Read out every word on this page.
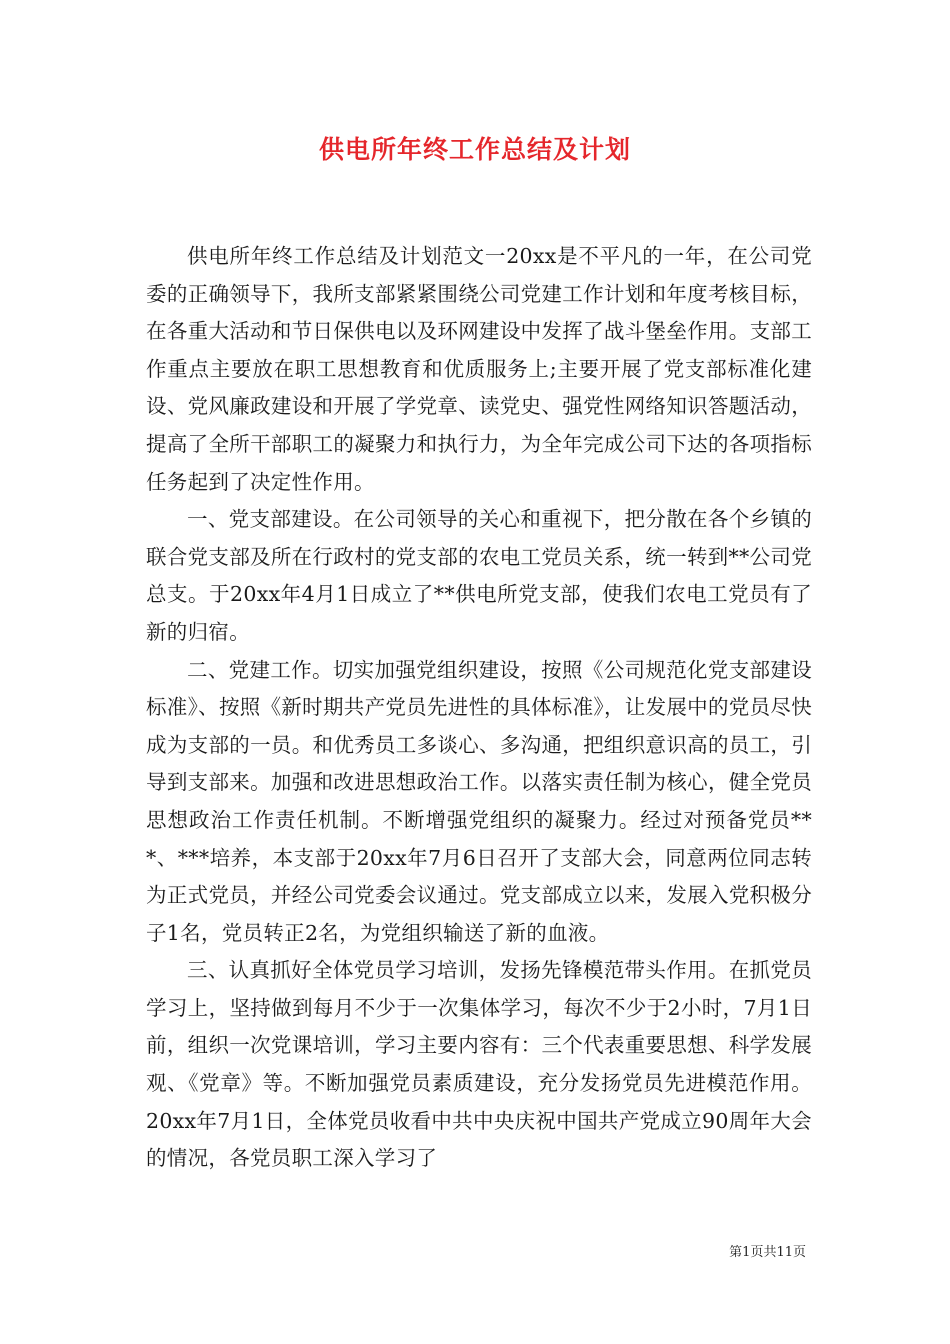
供电所年终工作总结及计划

供电所年终工作总结及计划范文一20xx是不平凡的一年，在公司党委的正确领导下，我所支部紧紧围绕公司党建工作计划和年度考核目标，在各重大活动和节日保供电以及环网建设中发挥了战斗堡垒作用。支部工作重点主要放在职工思想教育和优质服务上;主要开展了党支部标准化建设、党风廉政建设和开展了学党章、读党史、强党性网络知识答题活动，提高了全所干部职工的凝聚力和执行力，为全年完成公司下达的各项指标任务起到了决定性作用。

一、党支部建设。在公司领导的关心和重视下，把分散在各个乡镇的联合党支部及所在行政村的党支部的农电工党员关系，统一转到**公司党总支。于20xx年4月1日成立了**供电所党支部，使我们农电工党员有了新的归宿。

二、党建工作。切实加强党组织建设，按照《公司规范化党支部建设标准》、按照《新时期共产党员先进性的具体标准》，让发展中的党员尽快成为支部的一员。和优秀员工多谈心、多沟通，把组织意识高的员工，引导到支部来。加强和改进思想政治工作。以落实责任制为核心，健全党员思想政治工作责任机制。不断增强党组织的凝聚力。经过对预备党员***、***培养，本支部于20xx年7月6日召开了支部大会，同意两位同志转为正式党员，并经公司党委会议通过。党支部成立以来，发展入党积极分子1名，党员转正2名，为党组织输送了新的血液。

三、认真抓好全体党员学习培训，发扬先锋模范带头作用。在抓党员学习上，坚持做到每月不少于一次集体学习，每次不少于2小时，7月1日前，组织一次党课培训，学习主要内容有：三个代表重要思想、科学发展观、《党章》等。不断加强党员素质建设，充分发扬党员先进模范作用。20xx年7月1日，全体党员收看中共中央庆祝中国共产党成立90周年大会的情况，各党员职工深入学习了

第1页共11页
